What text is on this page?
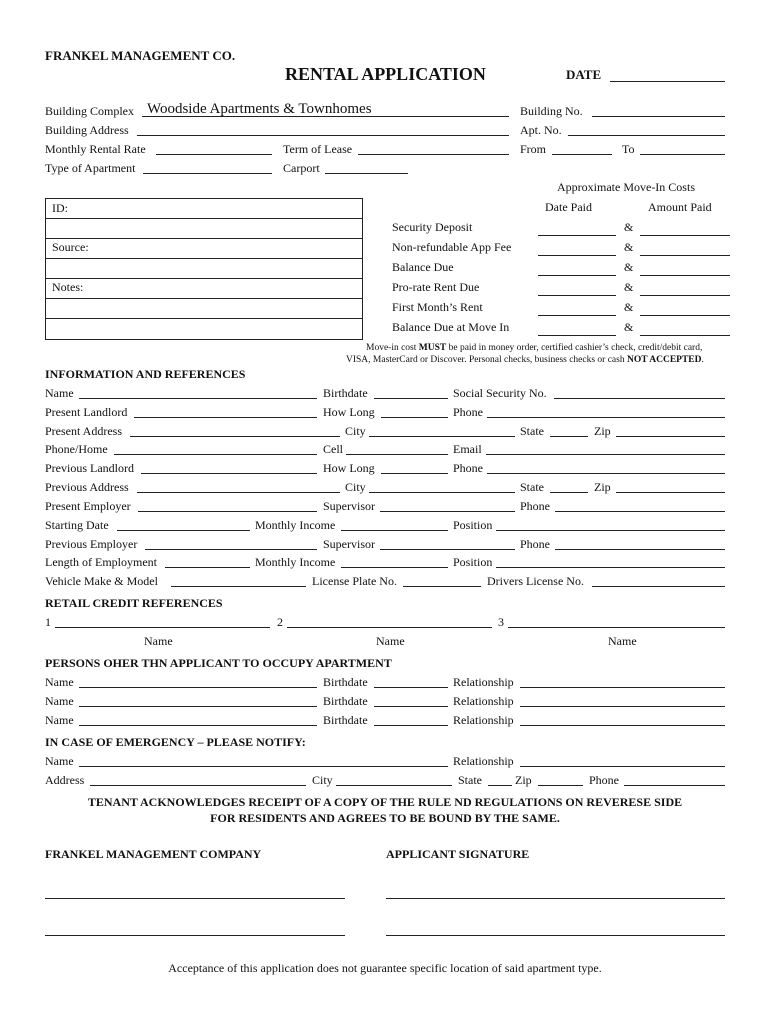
FRANKEL MANAGEMENT CO.
RENTAL APPLICATION	DATE
Building Complex Woodside Apartments & Townhomes	Building No.
Building Address	Apt. No.
Monthly Rental Rate	Term of Lease	From	To
Type of Apartment	Carport
ID:
Source:
Notes:
Approximate Move-In Costs
Date Paid	Amount Paid
Security Deposit	&
Non-refundable App Fee	&
Balance Due	&
Pro-rate Rent Due	&
First Month’s Rent	&
Balance Due at Move In	&
Move-in cost MUST be paid in money order, certified cashier’s check, credit/debit card,
VISA, MasterCard or Discover. Personal checks, business checks or cash NOT ACCEPTED.
INFORMATION AND REFERENCES
Name	Birthdate	Social Security No.
Present Landlord	How Long	Phone
Present Address	City	State	Zip
Phone/Home	Cell	Email
Previous Landlord	How Long	Phone
Previous Address	City	State	Zip
Present Employer	Supervisor	Phone
Starting Date	Monthly Income	Position
Previous Employer	Supervisor	Phone
Length of Employment	Monthly Income	Position
Vehicle Make & Model	License Plate No.	Drivers License No.
RETAIL CREDIT REFERENCES
1	2	3
Name	Name	Name
PERSONS OHER THN APPLICANT TO OCCUPY APARTMENT
Name	Birthdate	Relationship
Name	Birthdate	Relationship
Name	Birthdate	Relationship
IN CASE OF EMERGENCY – PLEASE NOTIFY:
Name	Relationship
Address	City	State	Zip	Phone
TENANT ACKNOWLEDGES RECEIPT OF A COPY OF THE RULE ND REGULATIONS ON REVERESE SIDE
FOR RESIDENTS AND AGREES TO BE BOUND BY THE SAME.
FRANKEL MANAGEMENT COMPANY	APPLICANT SIGNATURE
Acceptance of this application does not guarantee specific location of said apartment type.
